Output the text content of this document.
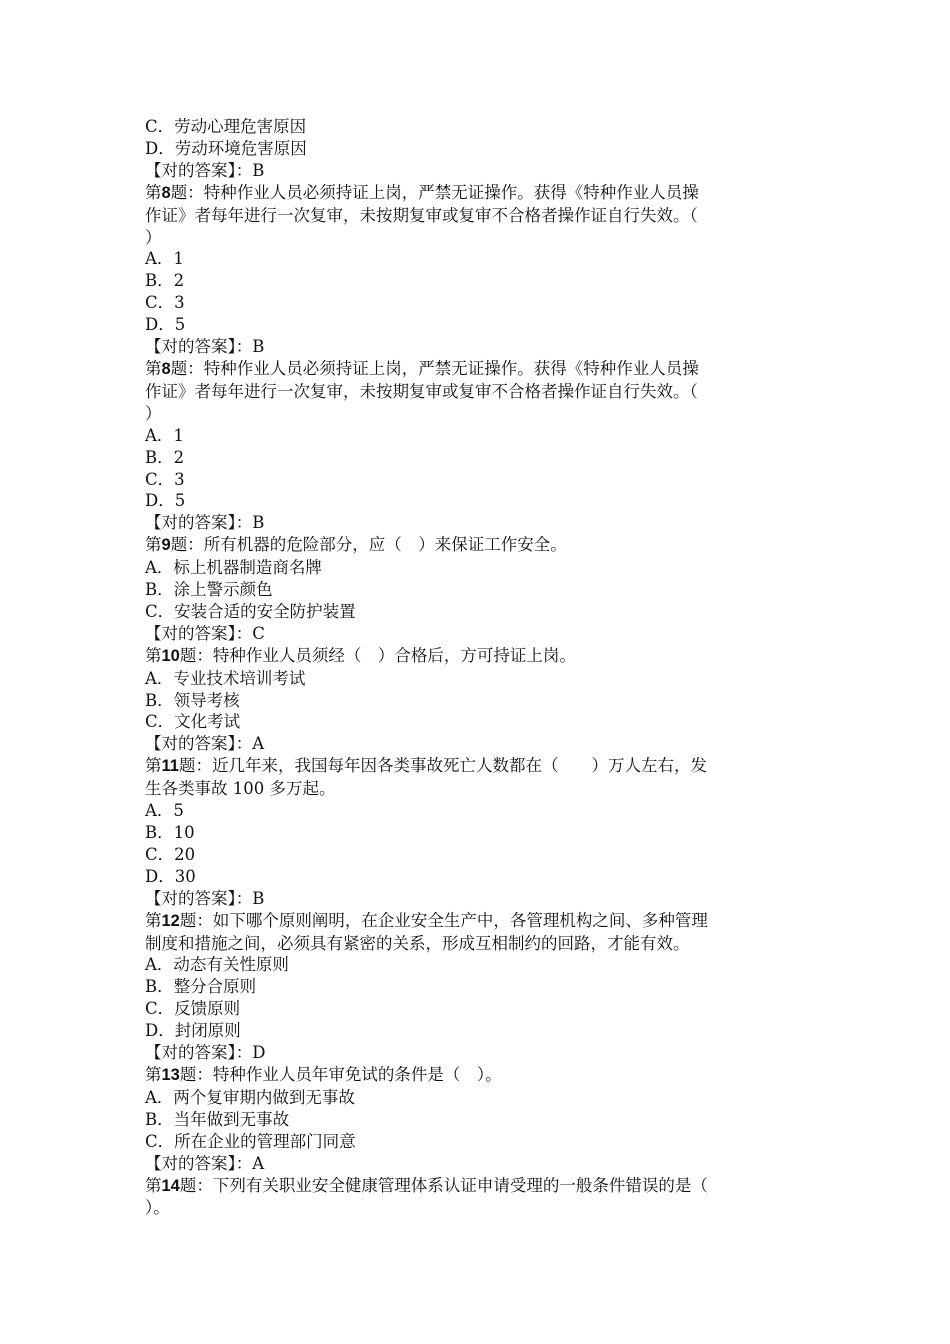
C．劳动心理危害原因
D．劳动环境危害原因
【对的答案】：B
第8题：特种作业人员必须持证上岗，严禁无证操作。获得《特种作业人员操
作证》者每年进行一次复审，未按期复审或复审不合格者操作证自行失效。（
）
A．1
B．2
C．3
D．5
【对的答案】：B
第8题：特种作业人员必须持证上岗，严禁无证操作。获得《特种作业人员操
作证》者每年进行一次复审，未按期复审或复审不合格者操作证自行失效。（
）
A．1
B．2
C．3
D．5
【对的答案】：B
第9题：所有机器的危险部分，应（　）来保证工作安全。
A．标上机器制造商名牌
B．涂上警示颜色
C．安装合适的安全防护装置
【对的答案】：C
第10题：特种作业人员须经（　）合格后，方可持证上岗。
A．专业技术培训考试
B．领导考核
C．文化考试
【对的答案】：A
第11题：近几年来，我国每年因各类事故死亡人数都在（　　）万人左右，发
生各类事故 100 多万起。
A．5
B．10
C．20
D．30
【对的答案】：B
第12题：如下哪个原则阐明，在企业安全生产中，各管理机构之间、多种管理
制度和措施之间，必须具有紧密的关系，形成互相制约的回路，才能有效。
A．动态有关性原则
B．整分合原则
C．反馈原则
D．封闭原则
【对的答案】：D
第13题：特种作业人员年审免试的条件是（　）。
A．两个复审期内做到无事故
B．当年做到无事故
C．所在企业的管理部门同意
【对的答案】：A
第14题：下列有关职业安全健康管理体系认证申请受理的一般条件错误的是（
）。
